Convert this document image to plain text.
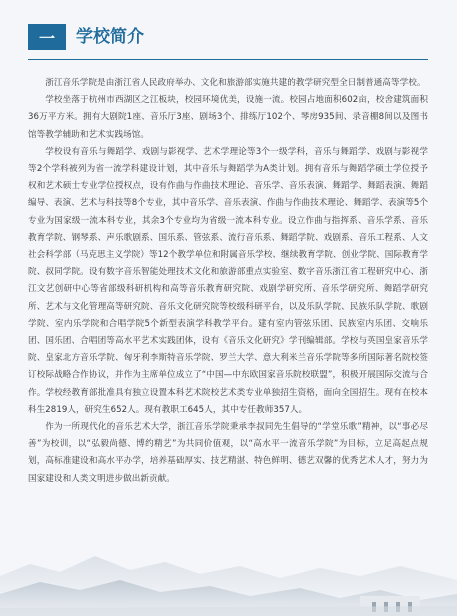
一	学校简介

浙江音乐学院是由浙江省人民政府举办、文化和旅游部实施共建的教学研究型全日制普通高等学校。

学校坐落于杭州市西湖区之江板块，校园环境优美，设施一流。校园占地面积602亩，校舍建筑面积36万平方米。拥有大剧院1座、音乐厅3座、剧场3个、排练厅102个、琴房935间、录音棚8间以及图书馆等教学辅助和艺术实践场馆。

学校设有音乐与舞蹈学、戏剧与影视学、艺术学理论等3个一级学科，音乐与舞蹈学、戏剧与影视学等2个学科被列为省一流学科建设计划，其中音乐与舞蹈学为A类计划。拥有音乐与舞蹈学硕士学位授予权和艺术硕士专业学位授权点，设有作曲与作曲技术理论、音乐学、音乐表演、舞蹈学、舞蹈表演、舞蹈编导、表演、艺术与科技等8个专业，其中音乐学、音乐表演、作曲与作曲技术理论、舞蹈学、表演等5个专业为国家级一流本科专业，其余3个专业均为省级一流本科专业。设立作曲与指挥系、音乐学系、音乐教育学院、钢琴系、声乐歌剧系、国乐系、管弦系、流行音乐系、舞蹈学院、戏剧系、音乐工程系、人文社会科学部（马克思主义学院）等12个教学单位和附属音乐学校、继续教育学院、创业学院、国际教育学院、叔同学院。设有数字音乐智能处理技术文化和旅游部重点实验室、数字音乐浙江省工程研究中心、浙江文艺创研中心等省部级科研机构和高等音乐教育研究院、戏剧学研究所、音乐学研究所、舞蹈学研究所、艺术与文化管理高等研究院、音乐文化研究院等校级科研平台，以及乐队学院、民族乐队学院、歌剧学院、室内乐学院和合唱学院5个新型表演学科教学平台。建有室内管弦乐团、民族室内乐团、交响乐团、国乐团、合唱团等高水平艺术实践团体，设有《音乐文化研究》学刊编辑部。学校与英国皇家音乐学院、皇家北方音乐学院、匈牙利李斯特音乐学院、罗兰大学、意大利米兰音乐学院等多所国际著名院校签订校际战略合作协议，并作为主席单位成立了“中国—中东欧国家音乐院校联盟”，积极开展国际交流与合作。学校经教育部批准具有独立设置本科艺术院校艺术类专业单独招生资格，面向全国招生。现有在校本科生2819人，研究生652人。现有教职工645人，其中专任教师357人。

作为一所现代化的音乐艺术大学，浙江音乐学院秉承李叔同先生倡导的“学堂乐歌”精神，以“事必尽善”为校训，以“弘毅尚德、博约精艺”为共同价值观，以“高水平一流音乐学院”为目标，立足高起点规划，高标准建设和高水平办学，培养基础厚实、技艺精湛、特色鲜明、德艺双馨的优秀艺术人才，努力为国家建设和人类文明进步做出新贡献。
